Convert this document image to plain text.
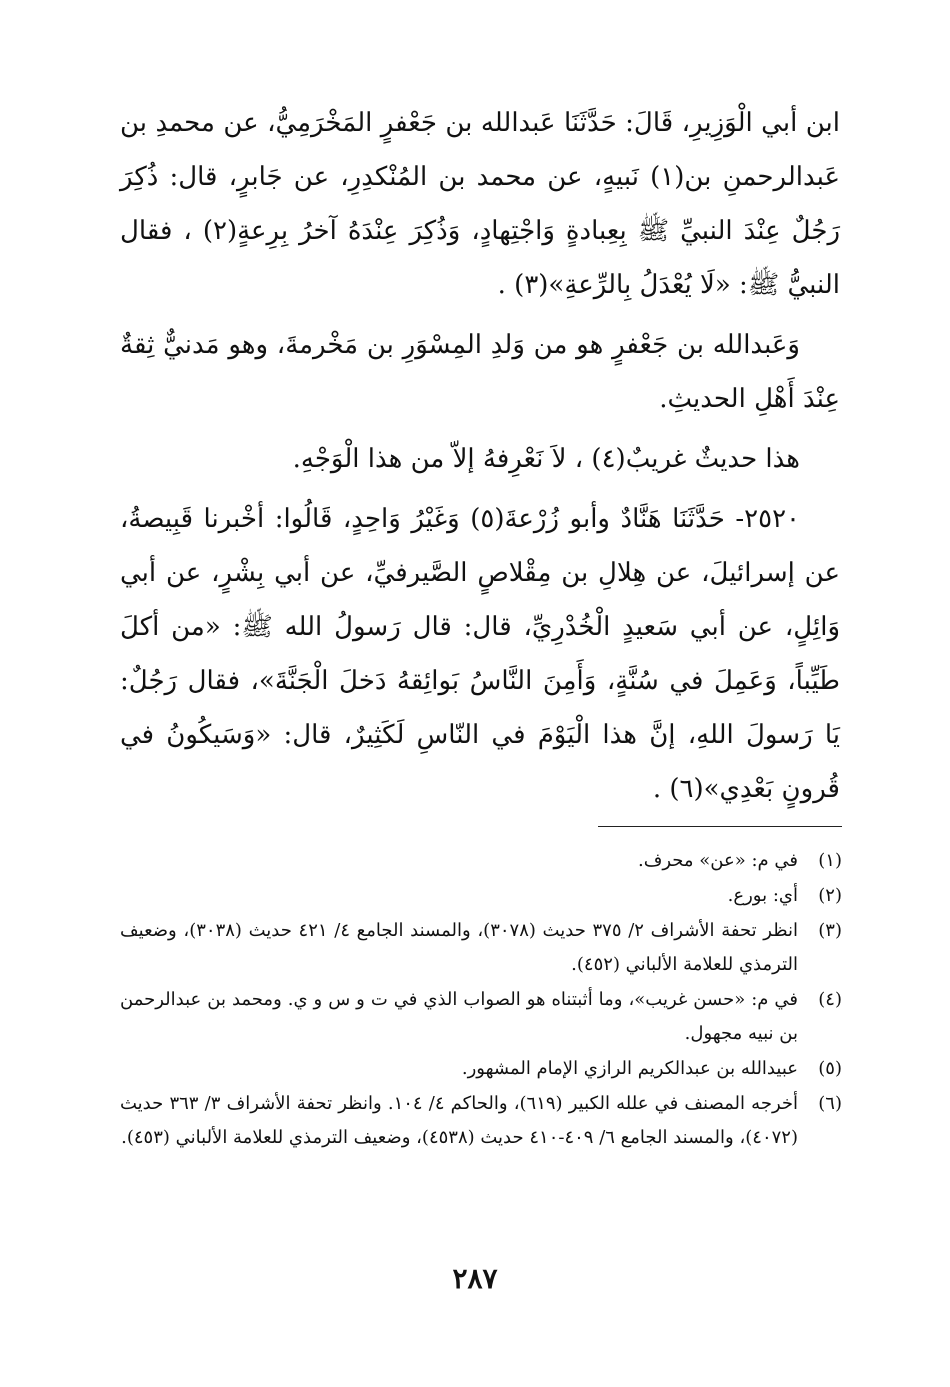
ابن أبي الْوَزِيرِ، قَالَ: حَدَّثَنَا عَبدالله بن جَعْفرٍ المَخْرَمِيُّ، عن محمدِ بن عَبدالرحمنِ بن(١) نَبيهٍ، عن محمد بن المُنْكدِرِ، عن جَابرٍ، قال: ذُكِرَ رَجُلٌ عِنْدَ النبيِّ ﷺ بِعِبادةٍ وَاجْتِهادٍ، وَذُكِرَ عِنْدَهُ آخرُ بِرِعةٍ(٢) ، فقال النبيُّ ﷺ: «لَا يُعْدَلُ بِالرِّعةِ»(٣) .

وَعَبدالله بن جَعْفرٍ هو من وَلدِ المِسْوَرِ بن مَخْرمةَ، وهو مَدنيٌّ ثِقةٌ عِنْدَ أَهْلِ الحديثِ.

هذا حديثٌ غريبٌ(٤) ، لاَ نَعْرِفهُ إلاّ من هذا الْوَجْهِ.

٢٥٢٠- حَدَّثَنَا هَنَّادٌ وأبو زُرْعةَ(٥) وَغَيْرُ وَاحِدٍ، قَالُوا: أخْبرنا قَبِيصةُ، عن إسرائيلَ، عن هِلالِ بن مِقْلاصٍ الصَّيرفيِّ، عن أبي بِشْرٍ، عن أبي وَائِلٍ، عن أبي سَعيدٍ الْخُدْرِيِّ، قال: قال رَسولُ الله ﷺ: «من أكلَ طَيِّباً، وَعَمِلَ في سُنَّةٍ، وَأَمِنَ النَّاسُ بَوائِقهُ دَخلَ الْجَنَّةَ»، فقال رَجُلٌ: يَا رَسولَ اللهِ، إنَّ هذا الْيَوْمَ في النّاسِ لَكَثِيرٌ، قال: «وَسَيكُونُ في قُرونٍ بَعْدِي»(٦) .

(١)
في م: «عن» محرف.
(٢)
أي: بورع.
(٣)
انظر تحفة الأشراف ٢/ ٣٧٥ حديث (٣٠٧٨)، والمسند الجامع ٤/ ٤٢١ حديث (٣٠٣٨)، وضعيف الترمذي للعلامة الألباني (٤٥٢).
(٤)
في م: «حسن غريب»، وما أثبتناه هو الصواب الذي في ت و س و ي. ومحمد بن عبدالرحمن بن نبيه مجهول.
(٥)
عبيدالله بن عبدالكريم الرازي الإمام المشهور.
(٦)
أخرجه المصنف في علله الكبير (٦١٩)، والحاكم ٤/ ١٠٤. وانظر تحفة الأشراف ٣/ ٣٦٣ حديث (٤٠٧٢)، والمسند الجامع ٦/ ٤٠٩-٤١٠ حديث (٤٥٣٨)، وضعيف الترمذي للعلامة الألباني (٤٥٣).
٢٨٧
